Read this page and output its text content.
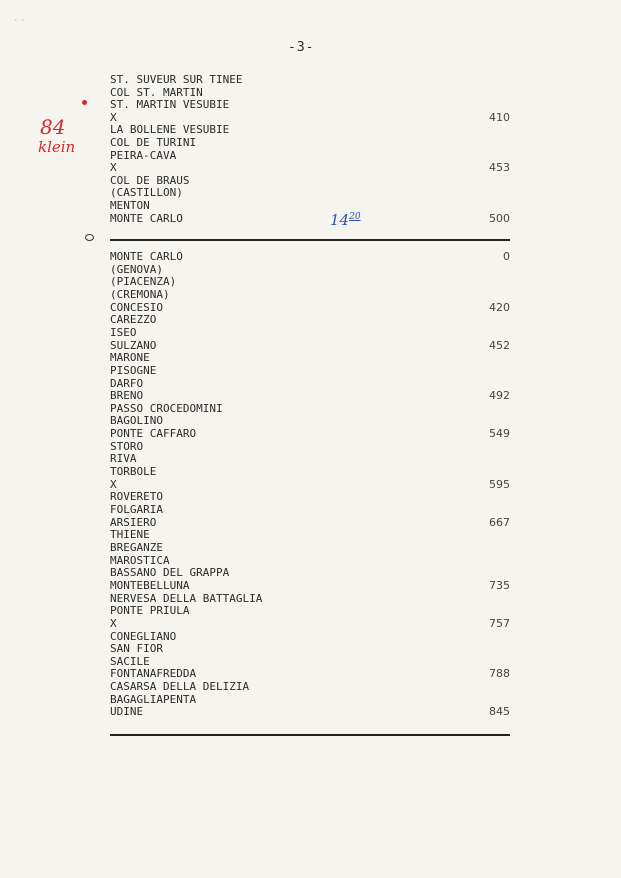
· ·
-3-
84
klein
$14^{20}$
ST. SUVEUR SUR TINEE
COL ST. MARTIN
ST. MARTIN VESUBIE
X	410
LA BOLLENE VESUBIE
COL DE TURINI
PEIRA-CAVA
X	453
COL DE BRAUS
(CASTILLON)
MENTON
MONTE CARLO	500
MONTE CARLO	0
(GENOVA)
(PIACENZA)
(CREMONA)
CONCESIO	420
CAREZZO
ISEO
SULZANO	452
MARONE
PISOGNE
DARFO
BRENO	492
PASSO CROCEDOMINI
BAGOLINO
PONTE CAFFARO	549
STORO
RIVA
TORBOLE
X	595
ROVERETO
FOLGARIA
ARSIERO	667
THIENE
BREGANZE
MAROSTICA
BASSANO DEL GRAPPA
MONTEBELLUNA	735
NERVESA DELLA BATTAGLIA
PONTE PRIULA
X	757
CONEGLIANO
SAN FIOR
SACILE
FONTANAFREDDA	788
CASARSA DELLA DELIZIA
BAGAGLIAPENTA
UDINE	845
